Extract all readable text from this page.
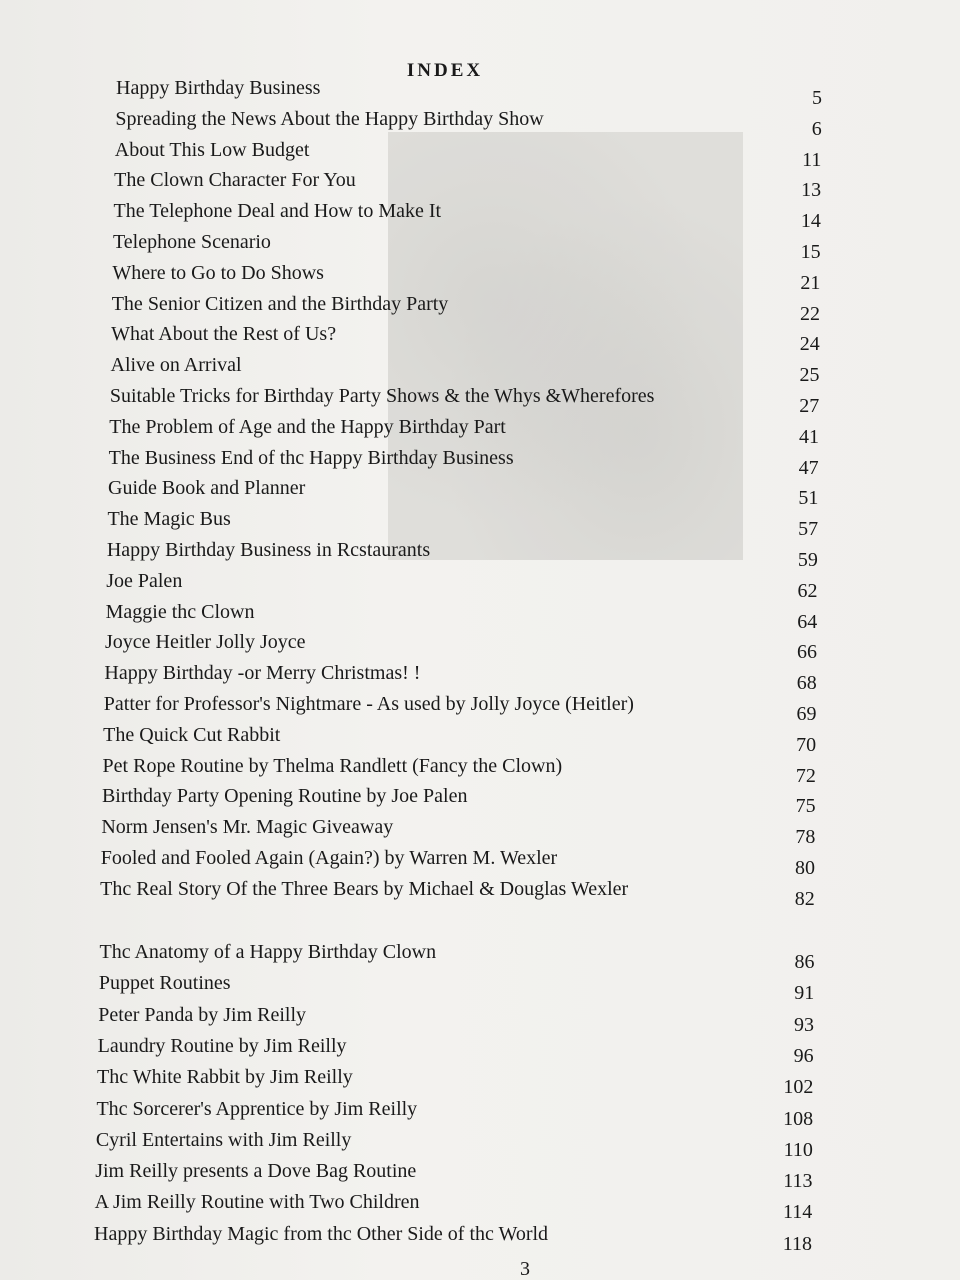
INDEX
Happy Birthday Business	5
Spreading the News About the Happy Birthday Show	6
About This Low Budget	11
The Clown Character For You	13
The Telephone Deal and How to Make It	14
Telephone Scenario	15
Where to Go to Do Shows	21
The Senior Citizen and the Birthday Party	22
What About the Rest of Us?	24
Alive on Arrival	25
Suitable Tricks for Birthday Party Shows & the Whys &Wherefores	27
The Problem of Age and the Happy Birthday Part	41
The Business End of thc Happy Birthday Business	47
Guide Book and Planner	51
The Magic Bus	57
Happy Birthday Business in Rcstaurants	59
Joe Palen	62
Maggie thc Clown	64
Joyce Heitler Jolly Joyce	66
Happy Birthday -or Merry Christmas! !	68
Patter for Professor's Nightmare - As used by Jolly Joyce (Heitler)	69
The Quick Cut Rabbit	70
Pet Rope Routine by Thelma Randlett (Fancy the Clown)	72
Birthday Party Opening Routine by Joe Palen	75
Norm Jensen's Mr. Magic Giveaway	78
Fooled and Fooled Again (Again?) by Warren M. Wexler	80
Thc Real Story Of the Three Bears by Michael & Douglas Wexler	82
Thc Anatomy of a Happy Birthday Clown	86
Puppet Routines	91
Peter Panda by Jim Reilly	93
Laundry Routine by Jim Reilly	96
Thc White Rabbit by Jim Reilly	102
Thc Sorcerer's Apprentice by Jim Reilly	108
Cyril Entertains with Jim Reilly	110
Jim Reilly presents a Dove Bag Routine	113
A Jim Reilly Routine with Two Children	114
Happy Birthday Magic from thc Other Side of thc World	118
3
